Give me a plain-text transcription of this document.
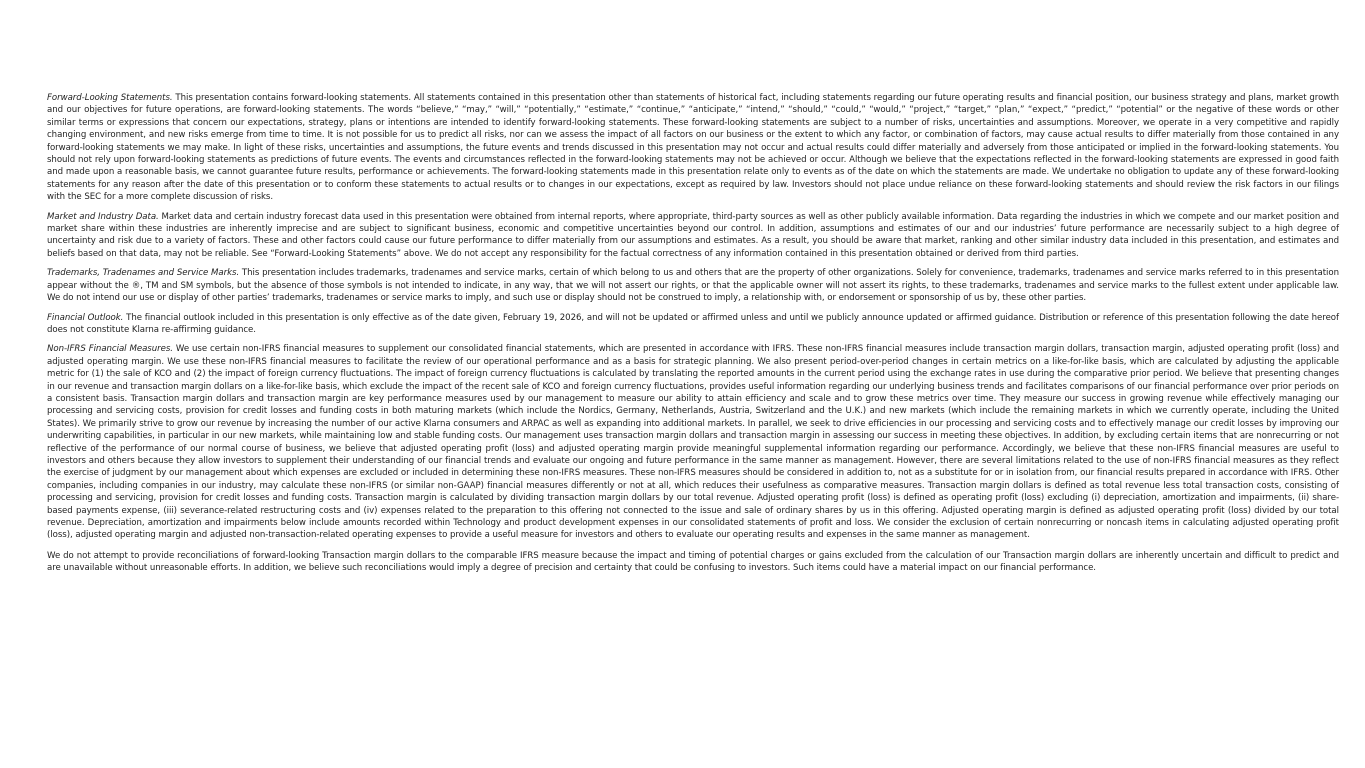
Forward-Looking Statements. This presentation contains forward-looking statements. All statements contained in this presentation other than statements of historical fact, including statements regarding our future operating results and financial position, our business strategy and plans, market growth and our objectives for future operations, are forward-looking statements. The words “believe,” “may,” “will,” “potentially,” “estimate,” “continue,” “anticipate,” “intend,” “should,” “could,” “would,” “project,” “target,” “plan,” “expect,” “predict,” “potential” or the negative of these words or other similar terms or expressions that concern our expectations, strategy, plans or intentions are intended to identify forward-looking statements. These forward-looking statements are subject to a number of risks, uncertainties and assumptions. Moreover, we operate in a very competitive and rapidly changing environment, and new risks emerge from time to time. It is not possible for us to predict all risks, nor can we assess the impact of all factors on our business or the extent to which any factor, or combination of factors, may cause actual results to differ materially from those contained in any forward-looking statements we may make. In light of these risks, uncertainties and assumptions, the future events and trends discussed in this presentation may not occur and actual results could differ materially and adversely from those anticipated or implied in the forward-looking statements. You should not rely upon forward-looking statements as predictions of future events. The events and circumstances reflected in the forward-looking statements may not be achieved or occur. Although we believe that the expectations reflected in the forward-looking statements are expressed in good faith and made upon a reasonable basis, we cannot guarantee future results, performance or achievements. The forward-looking statements made in this presentation relate only to events as of the date on which the statements are made. We undertake no obligation to update any of these forward-looking statements for any reason after the date of this presentation or to conform these statements to actual results or to changes in our expectations, except as required by law. Investors should not place undue reliance on these forward-looking statements and should review the risk factors in our filings with the SEC for a more complete discussion of risks.

Market and Industry Data. Market data and certain industry forecast data used in this presentation were obtained from internal reports, where appropriate, third-party sources as well as other publicly available information. Data regarding the industries in which we compete and our market position and market share within these industries are inherently imprecise and are subject to significant business, economic and competitive uncertainties beyond our control. In addition, assumptions and estimates of our and our industries’ future performance are necessarily subject to a high degree of uncertainty and risk due to a variety of factors. These and other factors could cause our future performance to differ materially from our assumptions and estimates. As a result, you should be aware that market, ranking and other similar industry data included in this presentation, and estimates and beliefs based on that data, may not be reliable. See “Forward-Looking Statements” above. We do not accept any responsibility for the factual correctness of any information contained in this presentation obtained or derived from third parties.

Trademarks, Tradenames and Service Marks. This presentation includes trademarks, tradenames and service marks, certain of which belong to us and others that are the property of other organizations. Solely for convenience, trademarks, tradenames and service marks referred to in this presentation appear without the ®, TM and SM symbols, but the absence of those symbols is not intended to indicate, in any way, that we will not assert our rights, or that the applicable owner will not assert its rights, to these trademarks, tradenames and service marks to the fullest extent under applicable law. We do not intend our use or display of other parties’ trademarks, tradenames or service marks to imply, and such use or display should not be construed to imply, a relationship with, or endorsement or sponsorship of us by, these other parties.

Financial Outlook. The financial outlook included in this presentation is only effective as of the date given, February 19, 2026, and will not be updated or affirmed unless and until we publicly announce updated or affirmed guidance. Distribution or reference of this presentation following the date hereof does not constitute Klarna re-affirming guidance.

Non-IFRS Financial Measures. We use certain non-IFRS financial measures to supplement our consolidated financial statements, which are presented in accordance with IFRS. These non-IFRS financial measures include transaction margin dollars, transaction margin, adjusted operating profit (loss) and adjusted operating margin. We use these non-IFRS financial measures to facilitate the review of our operational performance and as a basis for strategic planning. We also present period-over-period changes in certain metrics on a like-for-like basis, which are calculated by adjusting the applicable metric for (1) the sale of KCO and (2) the impact of foreign currency fluctuations. The impact of foreign currency fluctuations is calculated by translating the reported amounts in the current period using the exchange rates in use during the comparative prior period. We believe that presenting changes in our revenue and transaction margin dollars on a like-for-like basis, which exclude the impact of the recent sale of KCO and foreign currency fluctuations, provides useful information regarding our underlying business trends and facilitates comparisons of our financial performance over prior periods on a consistent basis. Transaction margin dollars and transaction margin are key performance measures used by our management to measure our ability to attain efficiency and scale and to grow these metrics over time. They measure our success in growing revenue while effectively managing our processing and servicing costs, provision for credit losses and funding costs in both maturing markets (which include the Nordics, Germany, Netherlands, Austria, Switzerland and the U.K.) and new markets (which include the remaining markets in which we currently operate, including the United States). We primarily strive to grow our revenue by increasing the number of our active Klarna consumers and ARPAC as well as expanding into additional markets. In parallel, we seek to drive efficiencies in our processing and servicing costs and to effectively manage our credit losses by improving our underwriting capabilities, in particular in our new markets, while maintaining low and stable funding costs. Our management uses transaction margin dollars and transaction margin in assessing our success in meeting these objectives. In addition, by excluding certain items that are nonrecurring or not reflective of the performance of our normal course of business, we believe that adjusted operating profit (loss) and adjusted operating margin provide meaningful supplemental information regarding our performance. Accordingly, we believe that these non-IFRS financial measures are useful to investors and others because they allow investors to supplement their understanding of our financial trends and evaluate our ongoing and future performance in the same manner as management. However, there are several limitations related to the use of non-IFRS financial measures as they reflect the exercise of judgment by our management about which expenses are excluded or included in determining these non-IFRS measures. These non-IFRS measures should be considered in addition to, not as a substitute for or in isolation from, our financial results prepared in accordance with IFRS. Other companies, including companies in our industry, may calculate these non-IFRS (or similar non-GAAP) financial measures differently or not at all, which reduces their usefulness as comparative measures. Transaction margin dollars is defined as total revenue less total transaction costs, consisting of processing and servicing, provision for credit losses and funding costs. Transaction margin is calculated by dividing transaction margin dollars by our total revenue. Adjusted operating profit (loss) is defined as operating profit (loss) excluding (i) depreciation, amortization and impairments, (ii) share-based payments expense, (iii) severance-related restructuring costs and (iv) expenses related to the preparation to this offering not connected to the issue and sale of ordinary shares by us in this offering. Adjusted operating margin is defined as adjusted operating profit (loss) divided by our total revenue. Depreciation, amortization and impairments below include amounts recorded within Technology and product development expenses in our consolidated statements of profit and loss. We consider the exclusion of certain nonrecurring or noncash items in calculating adjusted operating profit (loss), adjusted operating margin and adjusted non-transaction-related operating expenses to provide a useful measure for investors and others to evaluate our operating results and expenses in the same manner as management.

We do not attempt to provide reconciliations of forward-looking Transaction margin dollars to the comparable IFRS measure because the impact and timing of potential charges or gains excluded from the calculation of our Transaction margin dollars are inherently uncertain and difficult to predict and are unavailable without unreasonable efforts. In addition, we believe such reconciliations would imply a degree of precision and certainty that could be confusing to investors. Such items could have a material impact on our financial performance.
